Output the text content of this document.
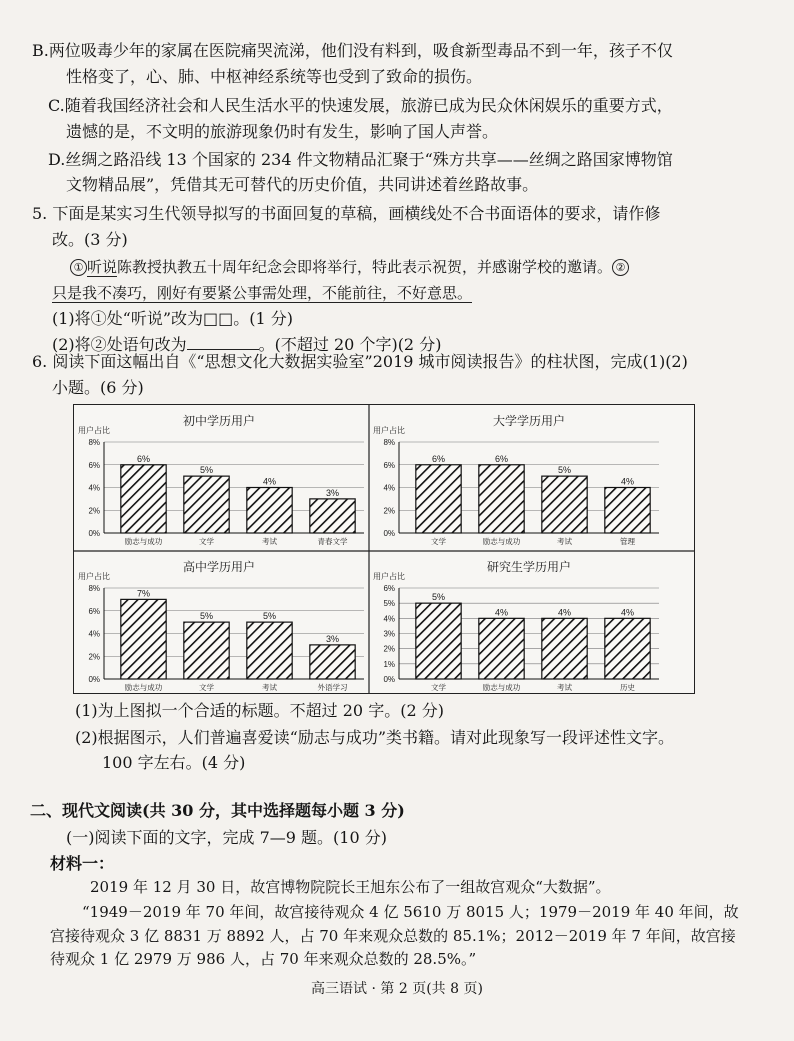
B.两位吸毒少年的家属在医院痛哭流涕，他们没有料到，吸食新型毒品不到一年，孩子不仅
性格变了，心、肺、中枢神经系统等也受到了致命的损伤。
C.随着我国经济社会和人民生活水平的快速发展，旅游已成为民众休闲娱乐的重要方式，
遗憾的是，不文明的旅游现象仍时有发生，影响了国人声誉。
D.丝绸之路沿线 13 个国家的 234 件文物精品汇聚于“殊方共享——丝绸之路国家博物馆
文物精品展”，凭借其无可替代的历史价值，共同讲述着丝路故事。
5. 下面是某实习生代领导拟写的书面回复的草稿，画横线处不合书面语体的要求，请作修
改。(3 分)
① 听说陈教授执教五十周年纪念会即将举行，特此表示祝贺，并感谢学校的邀请。 ②
只是我不凑巧，刚好有要紧公事需处理，不能前往，不好意思。
(1)将①处“听说”改为□□。(1 分)
(2)将②处语句改为	。(不超过 20 个字)(2 分)
6. 阅读下面这幅出自《“思想文化大数据实验室”2019 城市阅读报告》的柱状图，完成(1)(2)
小题。(6 分)
初中学历用户
用户占比
0%
2%
4%
6%
8%
6%
励志与成功
5%
文学
4%
考试
3%
青春文学
大学学历用户
用户占比
0%
2%
4%
6%
8%
6%
文学
6%
励志与成功
5%
考试
4%
管理
高中学历用户
用户占比
0%
2%
4%
6%
8%	7%
励志与成功
5%
文学
5%
考试
3%
外语学习
研究生学历用户
用户占比
0%
1%
2%
3%
4%
5%
6%
5%
文学
4%
励志与成功
4%
考试
4%
历史
(1)为上图拟一个合适的标题。不超过 20 字。(2 分)
(2)根据图示，人们普遍喜爱读“励志与成功”类书籍。请对此现象写一段评述性文字。
100 字左右。(4 分)
二、现代文阅读(共 30 分，其中选择题每小题 3 分)
(一)阅读下面的文字，完成 7—9 题。(10 分)
材料一：
2019 年 12 月 30 日，故宫博物院院长王旭东公布了一组故宫观众“大数据”。
“1949－2019 年 70 年间，故宫接待观众 4 亿 5610 万 8015 人；1979－2019 年 40 年间，故
宫接待观众 3 亿 8831 万 8892 人，占 70 年来观众总数的 85.1%；2012－2019 年 7 年间，故宫接
待观众 1 亿 2979 万 986 人，占 70 年来观众总数的 28.5%。”
高三语试 · 第 2 页(共 8 页)
